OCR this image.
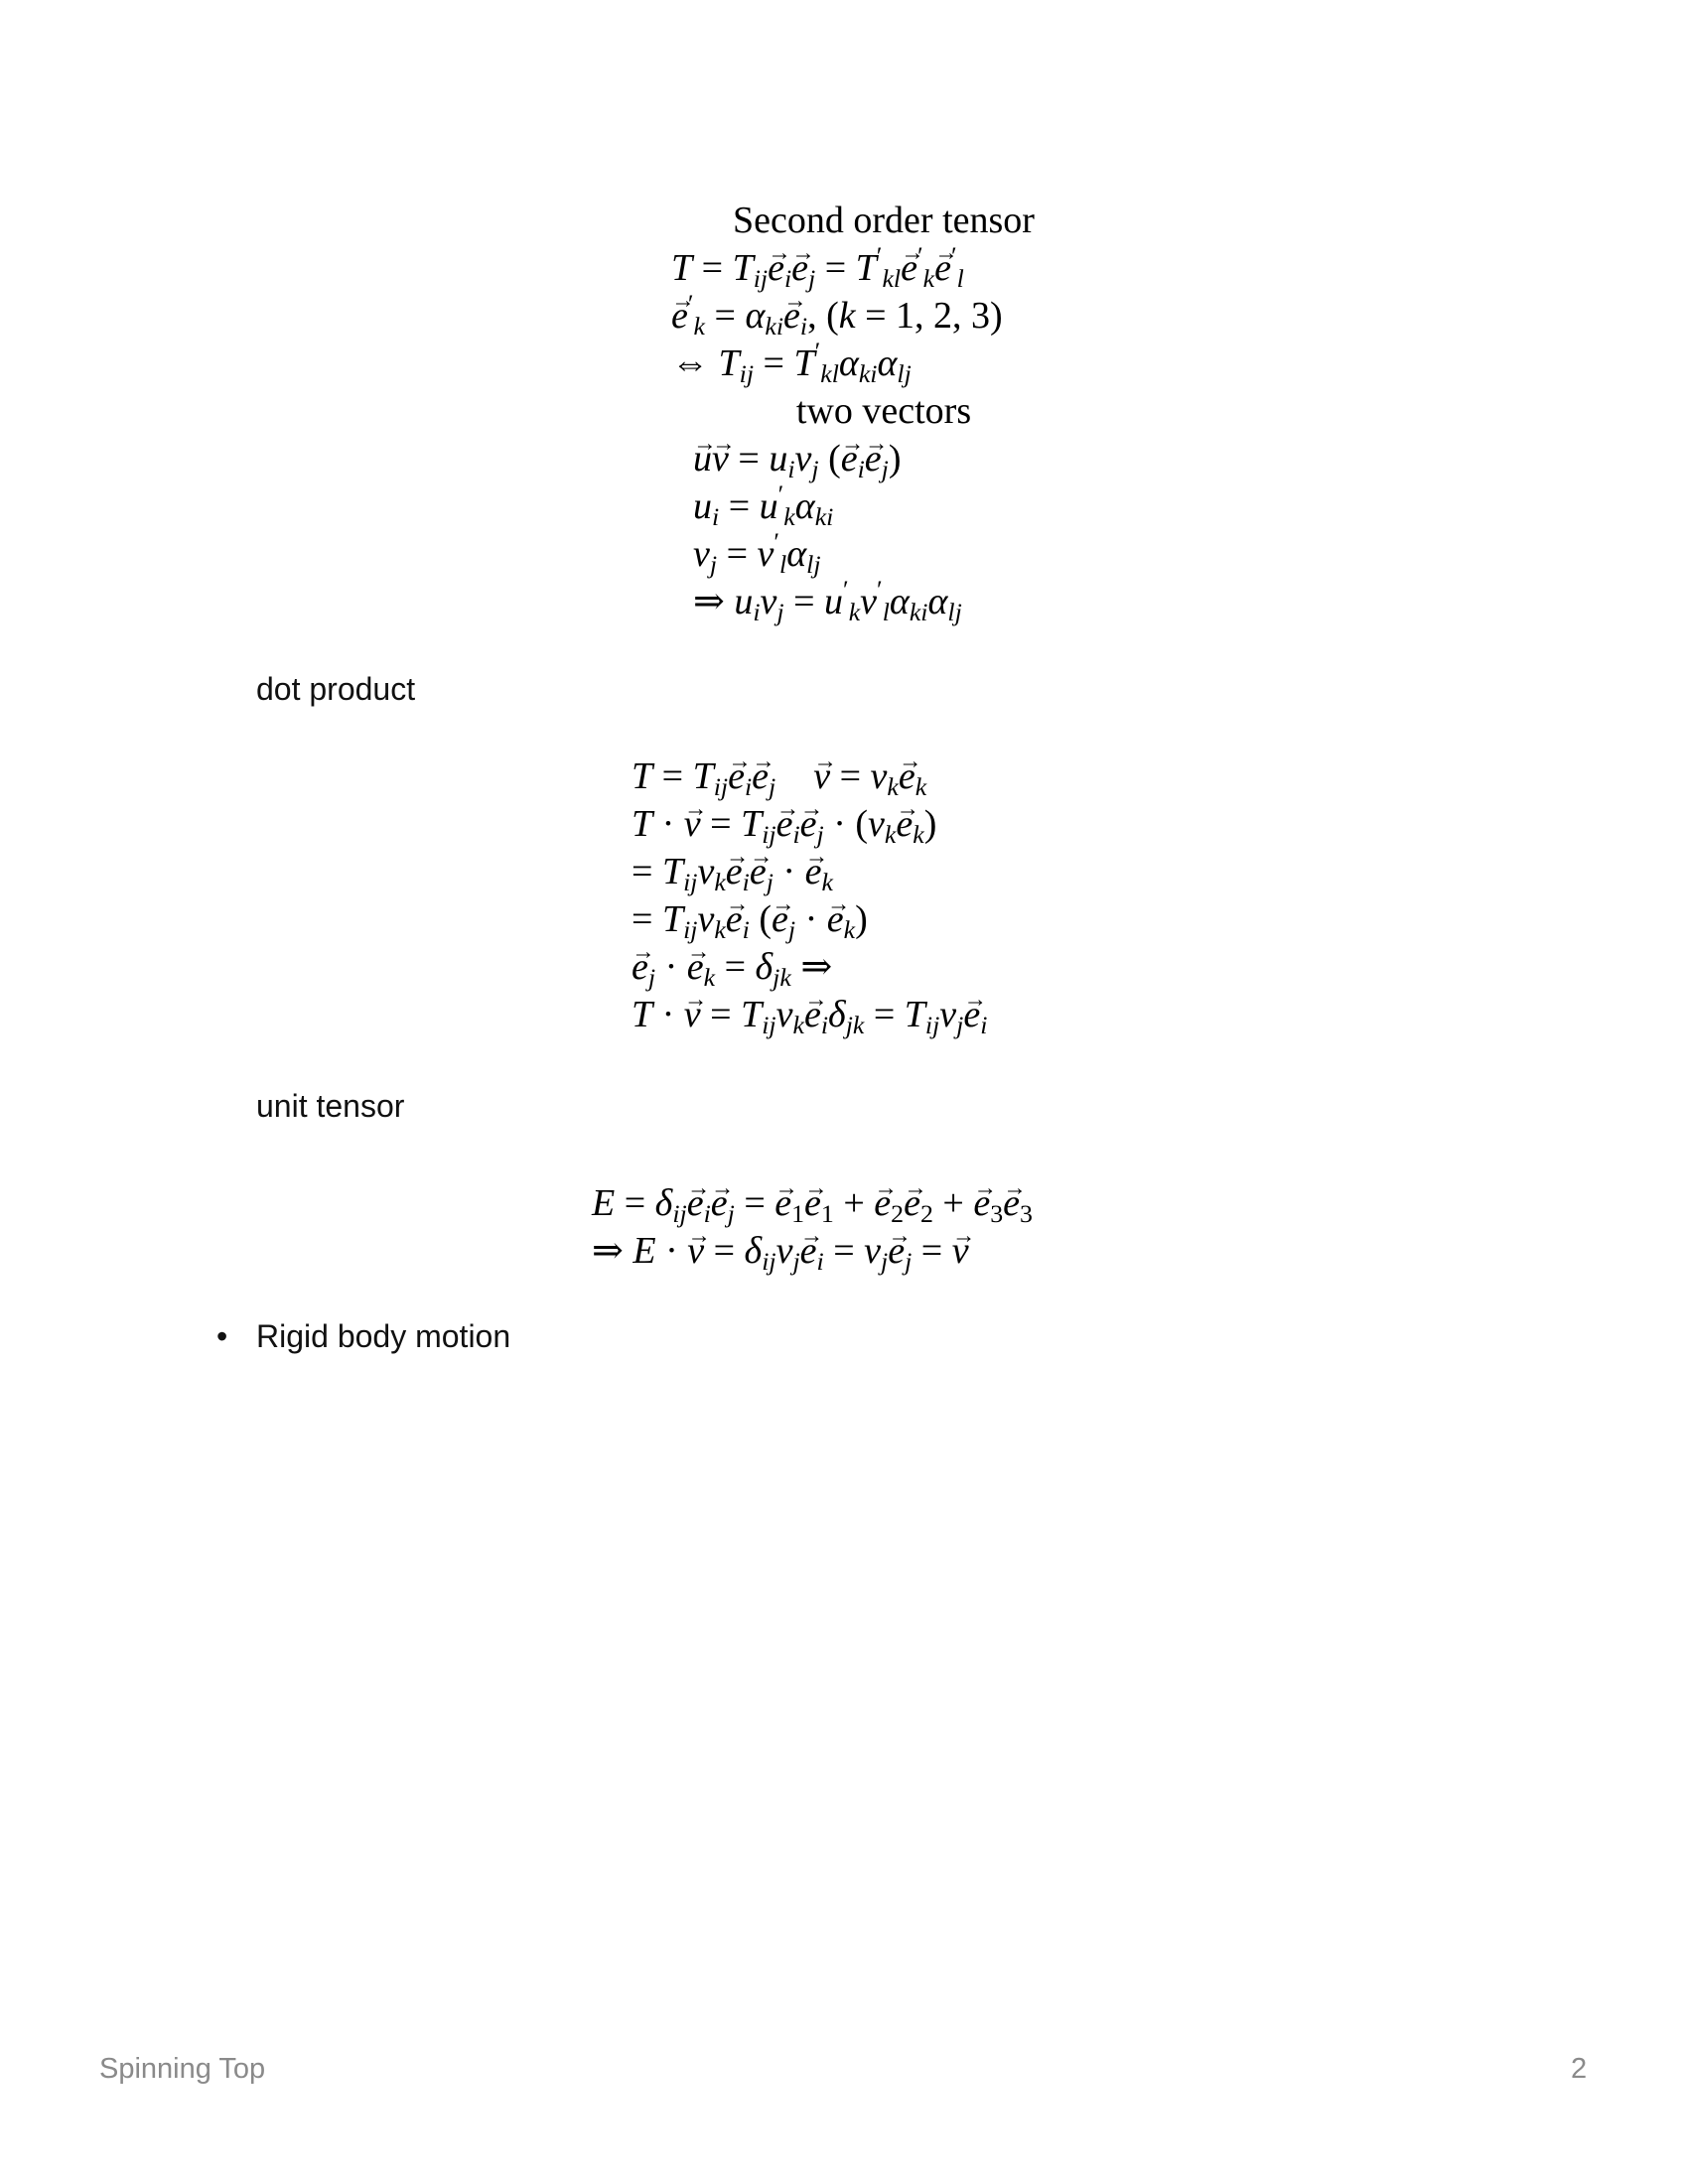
Second order tensor
$T = T_{ij}\to e_i\to e_j = T'_{kl}\to e'_k\to e'_l$
→ $e'_k = \alpha_{ki}\to e_i$, (k = 1, 2, 3)
⇔ $T_{ij} = T'_{kl}\alpha_{ki}\alpha_{lj}$
two vectors
→ $u\to v = u_iv_j$ (→ $e_i\to e_j$)
$u_i = u'_k\alpha_{ki}$
$v_j = v'_l\alpha_{lj}$
⇒ $u_iv_j = u'_kv'_l\alpha_{ki}\alpha_{lj}$
dot product
$T = T_{ij}\to e_i\to e_j$    → $v = v_k\to e_k$
T · → $v = T_{ij}\to e_i\to e_j \cdot (v_k\to e_k)$
= $T_{ij}v_k\to e_i\to e_j$ · → $e_k$
= $T_{ij}v_k\to e_i$ (→ $e_j$ · → $e_k$)
→ $e_j$ · → $e_k = \delta_{jk}$ ⇒
T · → $v = T_{ij}v_k\to e_i\delta_{jk} = T_{ij}v_j\to e_i$
unit tensor
$E = \delta_{ij}\to e_i\to e_j$ = → $e_1\to e_1$ + → $e_2\to e_2$ + → $e_3\to e_3$
⇒ E · → $v = \delta_{ij}v_j\to e_i = v_j\to e_j$ = → v
• Rigid body motion
Spinning Top	2
